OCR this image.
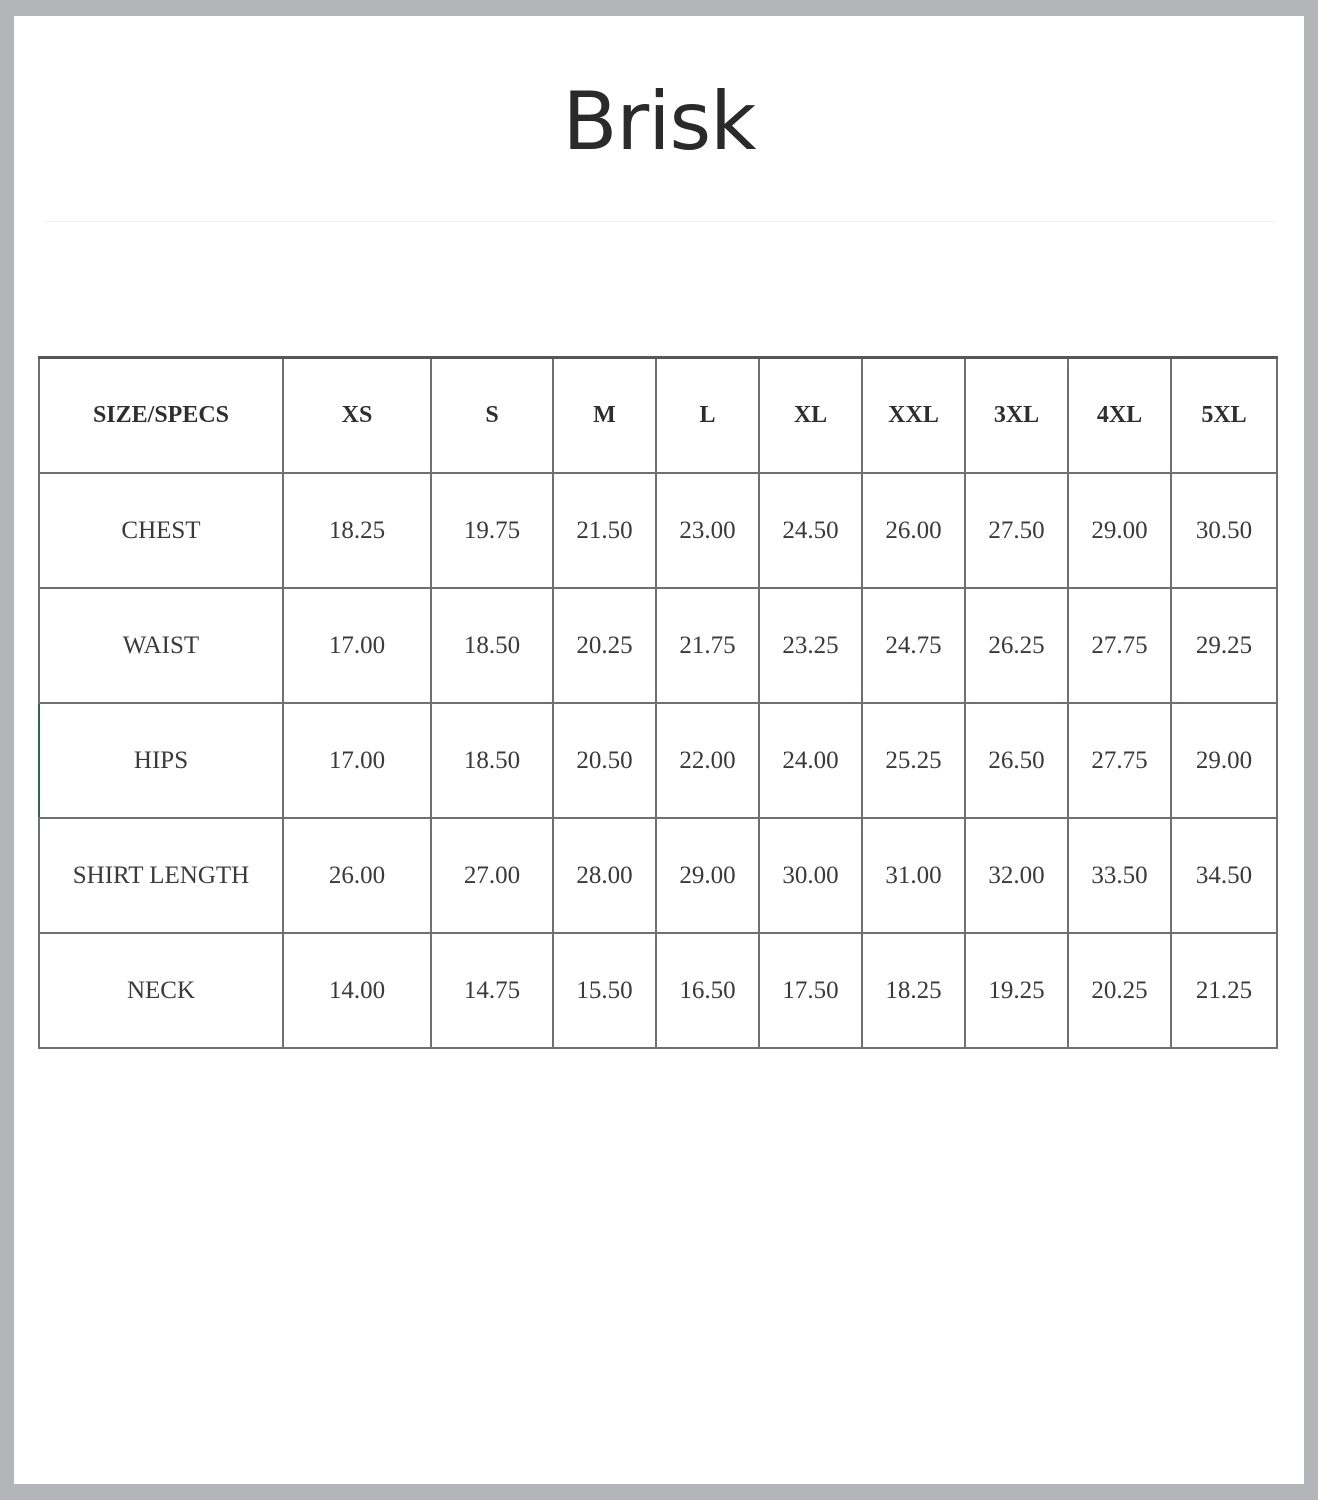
Brisk
SIZE/SPECS	XS	S	M	L	XL	XXL	3XL	4XL	5XL
CHEST	18.25	19.75	21.50	23.00	24.50	26.00	27.50	29.00	30.50
WAIST	17.00	18.50	20.25	21.75	23.25	24.75	26.25	27.75	29.25
HIPS	17.00	18.50	20.50	22.00	24.00	25.25	26.50	27.75	29.00
SHIRT LENGTH	26.00	27.00	28.00	29.00	30.00	31.00	32.00	33.50	34.50
NECK	14.00	14.75	15.50	16.50	17.50	18.25	19.25	20.25	21.25
